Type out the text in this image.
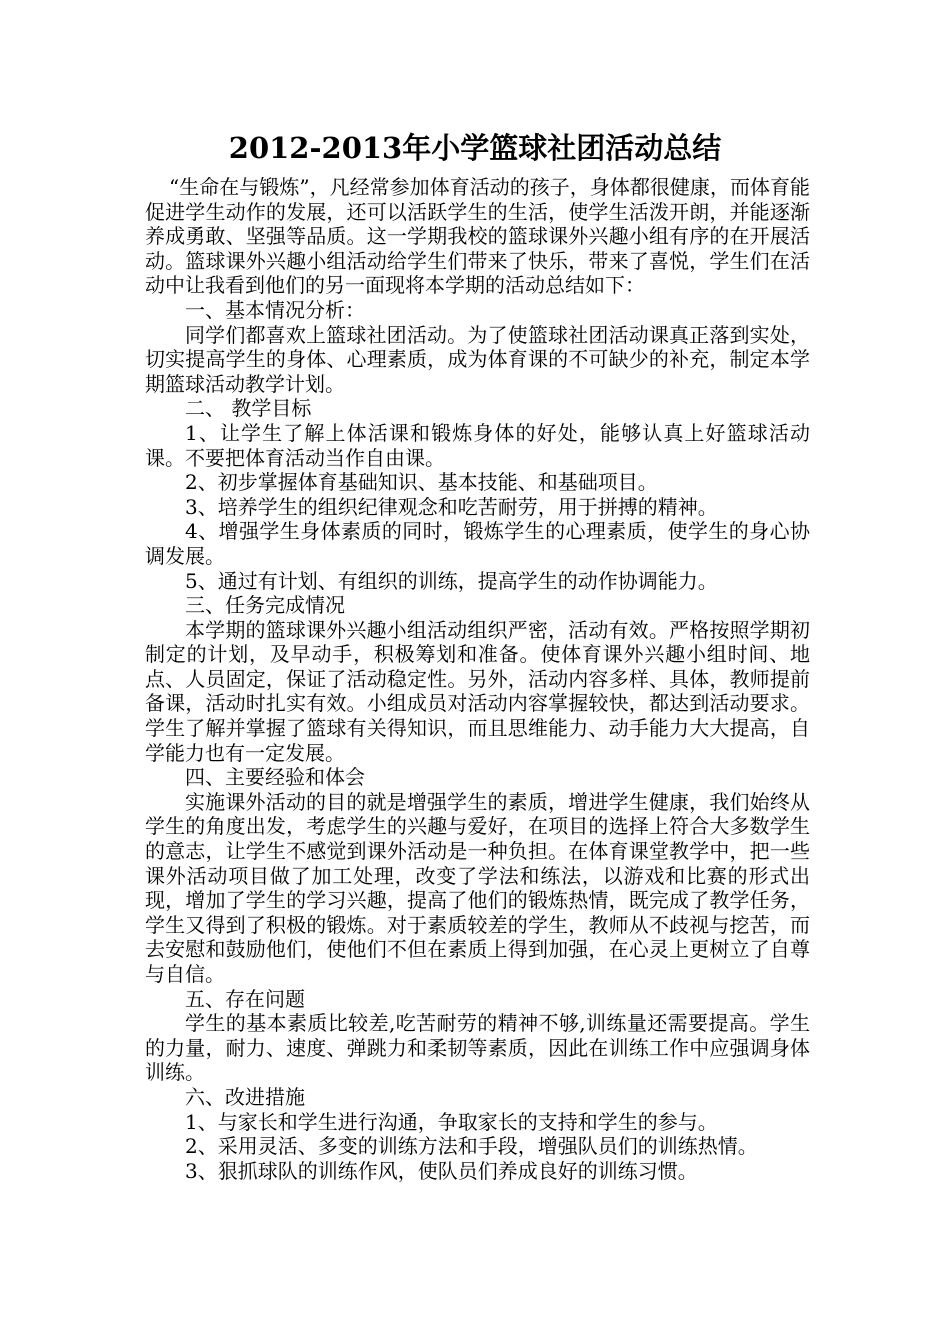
2012-2013年小学篮球社团活动总结

“生命在与锻炼”，凡经常参加体育活动的孩子，身体都很健康，而体育能促进学生动作的发展，还可以活跃学生的生活，使学生活泼开朗，并能逐渐养成勇敢、坚强等品质。这一学期我校的篮球课外兴趣小组有序的在开展活动。篮球课外兴趣小组活动给学生们带来了快乐，带来了喜悦，学生们在活动中让我看到他们的另一面现将本学期的活动总结如下：

一、基本情况分析：

同学们都喜欢上篮球社团活动。为了使篮球社团活动课真正落到实处，切实提高学生的身体、心理素质，成为体育课的不可缺少的补充，制定本学期篮球活动教学计划。

二、 教学目标

1、让学生了解上体活课和锻炼身体的好处，能够认真上好篮球活动课。不要把体育活动当作自由课。

2、初步掌握体育基础知识、基本技能、和基础项目。

3、培养学生的组织纪律观念和吃苦耐劳，用于拼搏的精神。

4、增强学生身体素质的同时，锻炼学生的心理素质，使学生的身心协调发展。

5、通过有计划、有组织的训练，提高学生的动作协调能力。

三、任务完成情况

本学期的篮球课外兴趣小组活动组织严密，活动有效。严格按照学期初制定的计划，及早动手，积极筹划和准备。使体育课外兴趣小组时间、地点、人员固定，保证了活动稳定性。另外，活动内容多样、具体，教师提前备课，活动时扎实有效。小组成员对活动内容掌握较快，都达到活动要求。学生了解并掌握了篮球有关得知识，而且思维能力、动手能力大大提高，自学能力也有一定发展。

四、主要经验和体会

实施课外活动的目的就是增强学生的素质，增进学生健康，我们始终从学生的角度出发，考虑学生的兴趣与爱好，在项目的选择上符合大多数学生的意志，让学生不感觉到课外活动是一种负担。在体育课堂教学中，把一些课外活动项目做了加工处理，改变了学法和练法，以游戏和比赛的形式出现，增加了学生的学习兴趣，提高了他们的锻炼热情，既完成了教学任务，学生又得到了积极的锻炼。对于素质较差的学生，教师从不歧视与挖苦，而去安慰和鼓励他们，使他们不但在素质上得到加强，在心灵上更树立了自尊与自信。

五、存在问题

学生的基本素质比较差,吃苦耐劳的精神不够,训练量还需要提高。学生的力量，耐力、速度、弹跳力和柔韧等素质，因此在训练工作中应强调身体训练。

六、改进措施

1、与家长和学生进行沟通，争取家长的支持和学生的参与。

2、采用灵活、多变的训练方法和手段，增强队员们的训练热情。

3、狠抓球队的训练作风，使队员们养成良好的训练习惯。
